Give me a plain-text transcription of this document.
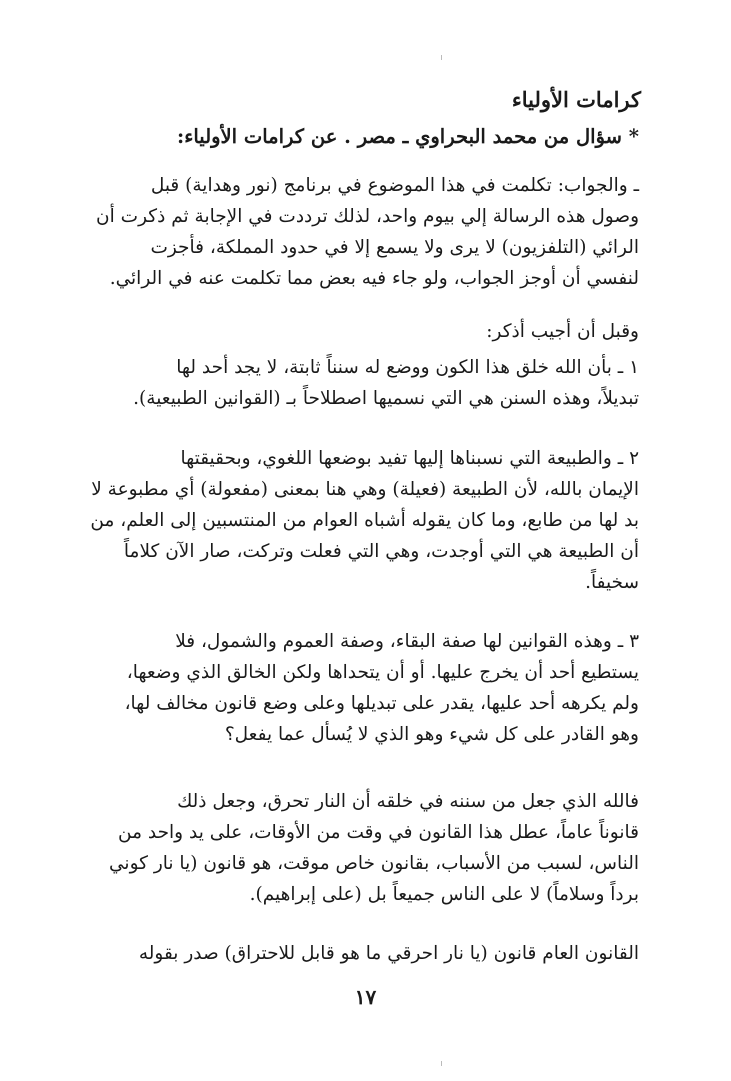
كرامات الأولياء
* سؤال من محمد البحراوي ـ مصر . عن كرامات الأولياء:
ـ والجواب: تكلمت في هذا الموضوع في برنامج (نور وهداية) قبل
وصول هذه الرسالة إلي بيوم واحد، لذلك ترددت في الإجابة ثم ذكرت أن
الرائي (التلفزيون) لا يرى ولا يسمع إلا في حدود المملكة، فأجزت
لنفسي أن أوجز الجواب، ولو جاء فيه بعض مما تكلمت عنه في الرائي.
وقبل أن أجيب أذكر:
١ ـ بأن الله خلق هذا الكون ووضع له سنناً ثابتة، لا يجد أحد لها
تبديلاً، وهذه السنن هي التي نسميها اصطلاحاً بـ (القوانين الطبيعية).
٢ ـ والطبيعة التي نسبناها إليها تفيد بوضعها اللغوي، وبحقيقتها
الإيمان بالله، لأن الطبيعة (فعيلة) وهي هنا بمعنى (مفعولة) أي مطبوعة لا
بد لها من طابع، وما كان يقوله أشباه العوام من المنتسبين إلى العلم، من
أن الطبيعة هي التي أوجدت، وهي التي فعلت وتركت، صار الآن كلاماً
سخيفاً.
٣ ـ وهذه القوانين لها صفة البقاء، وصفة العموم والشمول، فلا
يستطيع أحد أن يخرج عليها. أو أن يتحداها ولكن الخالق الذي وضعها،
ولم يكرهه أحد عليها، يقدر على تبديلها وعلى وضع قانون مخالف لها،
وهو القادر على كل شيء وهو الذي لا يُسأل عما يفعل؟
فالله الذي جعل من سننه في خلقه أن النار تحرق، وجعل ذلك
قانوناً عاماً، عطل هذا القانون في وقت من الأوقات، على يد واحد من
الناس، لسبب من الأسباب، بقانون خاص موقت، هو قانون (يا نار كوني
برداً وسلاماً) لا على الناس جميعاً بل (على إبراهيم).
القانون العام قانون (يا نار احرقي ما هو قابل للاحتراق) صدر بقوله
١٧
